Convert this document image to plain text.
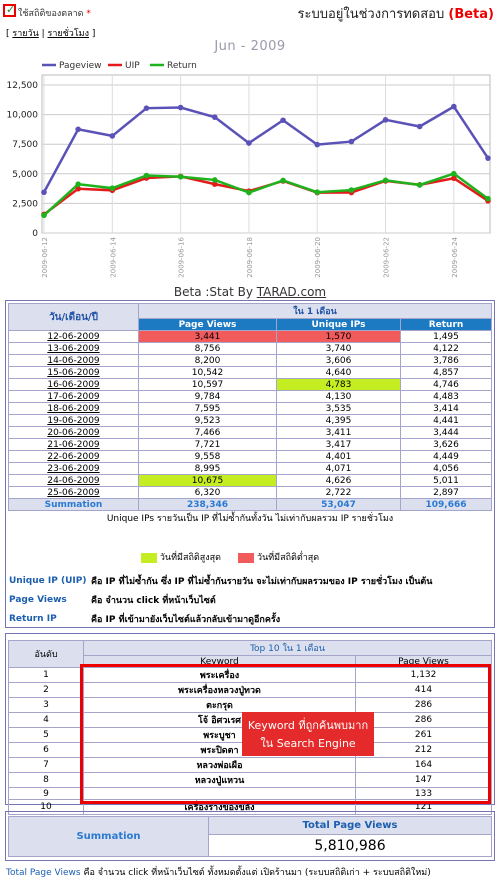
✓ ใช้สถิติของตลาด *	ระบบอยู่ในช่วงการทดสอบ (Beta)
[ รายวัน | รายชั่วโมง ]
Jun - 2009
Pageview	UIP	Return
0
2,500
5,000
7,500
10,000
12,500
2009-06-12	2009-06-14	2009-06-16	2009-06-18	2009-06-20	2009-06-22	2009-06-24
Beta :Stat By TARAD.com
วัน/เดือน/ปี	ใน 1 เดือน		
	Page Views	Unique IPs	Return
12-06-2009	3,441	1,570	1,495
13-06-2009	8,756	3,740	4,122
14-06-2009	8,200	3,606	3,786
15-06-2009	10,542	4,640	4,857
16-06-2009	10,597	4,783	4,746
17-06-2009	9,784	4,130	4,483
18-06-2009	7,595	3,535	3,414
19-06-2009	9,523	4,395	4,441
20-06-2009	7,466	3,411	3,444
21-06-2009	7,721	3,417	3,626
22-06-2009	9,558	4,401	4,449
23-06-2009	8,995	4,071	4,056
24-06-2009	10,675	4,626	5,011
25-06-2009	6,320	2,722	2,897
Summation	238,346	53,047	109,666
Unique IPs รายวันเป็น IP ที่ไม่ซ้ำกันทั้งวัน ไม่เท่ากับผลรวม IP รายชั่วโมง			
วันที่มีสถิติสูงสุด	วันที่มีสถิติต่ำสุด
Unique IP (UIP) คือ IP ที่ไม่ซ้ำกัน ซึ่ง IP ที่ไม่ซ้ำกันรายวัน จะไม่เท่ากับผลรวมของ IP รายชั่วโมง เป็นต้น
Page Views	คือ จำนวน click ที่หน้าเว็บไซต์
Return IP	คือ IP ที่เข้ามายังเว็บไซต์แล้วกลับเข้ามาดูอีกครั้ง
อันดับ	Top 10 ใน 1 เดือน	
	Keyword	Page Views
1	พระเครื่อง	1,132
2	พระเครื่องหลวงปู่ทวด	414
3	ตะกรุด	286
4	โจ้ อิศวเรศ	286
5	พระบูชา	261
6	พระปิดตา	212
7	หลวงพ่อเผือ	164
8	หลวงปู่แหวน	147
9		133
10	เครื่องรางของขลัง	121
Keyword ที่ถูกค้นพบมาก
ใน Search Engine
Summation	Total Page Views
5,810,986
Total Page Views คือ จำนวน click ที่หน้าเว็บไซต์ ทั้งหมดตั้งแต่ เปิดร้านมา (ระบบสถิติเก่า + ระบบสถิติใหม่)
